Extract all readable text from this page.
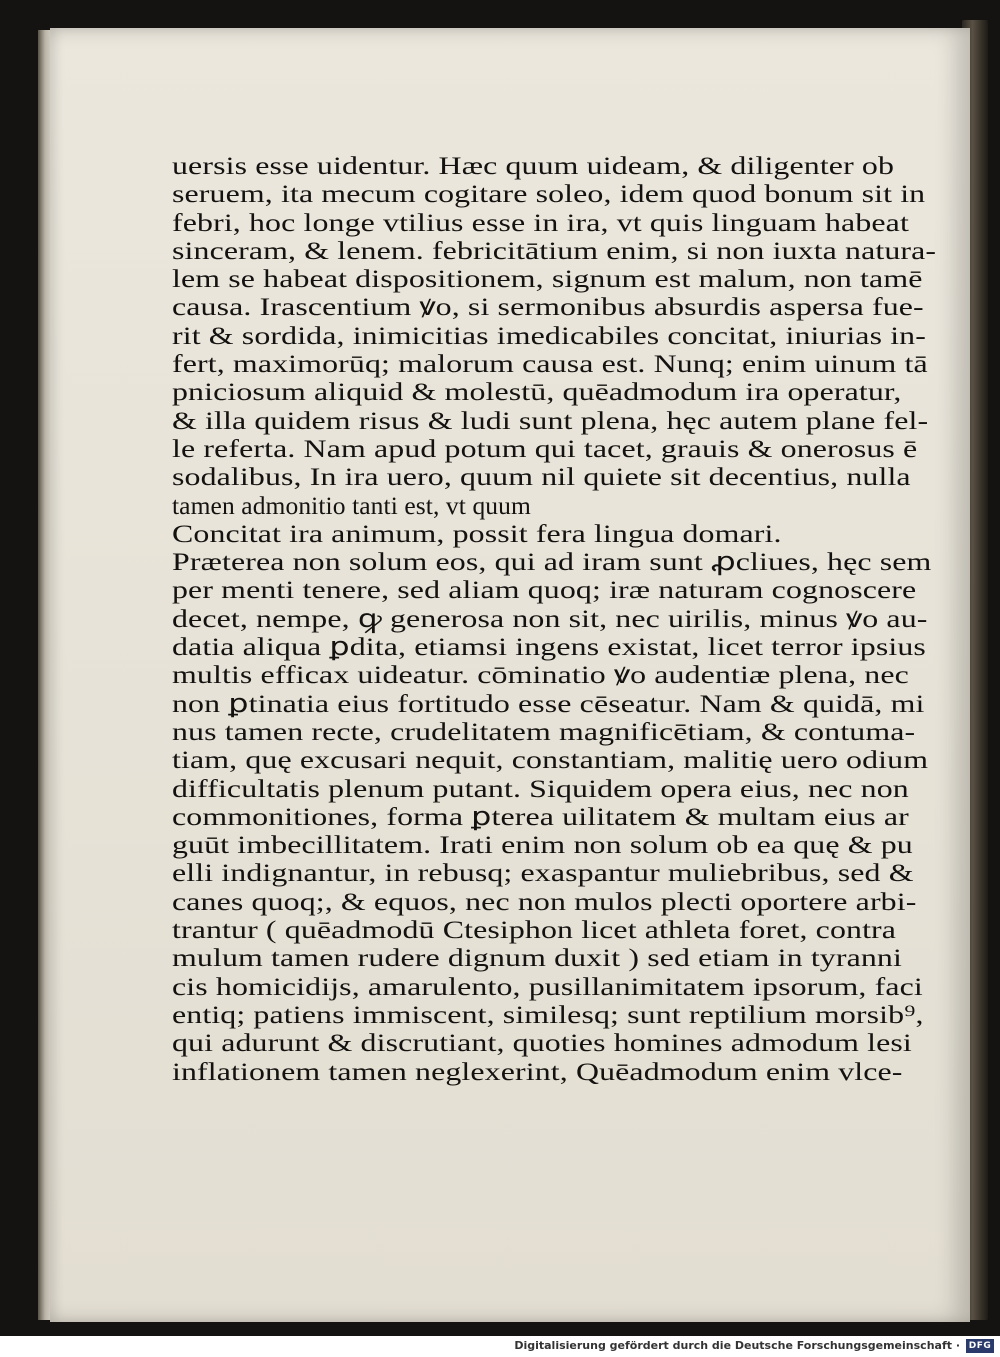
uersis esse uidentur. Hæc quum uideam, & diligenter ob
seruem, ita mecum cogitare soleo, idem quod bonum sit in
febri, hoc longe vtilius esse in ira, vt quis linguam habeat
sinceram, & lenem. febricitātium enim, si non iuxta natura-
lem se habeat dispositionem, signum est malum, non tamē
causa. Irascentium ꝟo, si sermonibus absurdis aspersa fue-
rit & sordida, inimicitias imedicabiles concitat, iniurias in-
fert, maximorūq; malorum causa est. Nunq; enim uinum tā
pniciosum aliquid & molestū, quēadmodum ira operatur,
& illa quidem risus & ludi sunt plena, hęc autem plane fel-
le referta. Nam apud potum qui tacet, grauis & onerosus ē
sodalibus, In ira uero, quum nil quiete sit decentius, nulla
tamen admonitio tanti est, vt quum
Concitat ira animum, possit fera lingua domari.
Præterea non solum eos, qui ad iram sunt ꝓcliues, hęc sem
per menti tenere, sed aliam quoq; iræ naturam cognoscere
decet, nempe, ꝙ generosa non sit, nec uirilis, minus ꝟo au-
datia aliqua ꝑdita, etiamsi ingens existat, licet terror ipsius
multis efficax uideatur. cōminatio ꝟo audentiæ plena, nec
non ꝑtinatia eius fortitudo esse cēseatur. Nam & quidā, mi
nus tamen recte, crudelitatem magnificētiam, & contuma-
tiam, quę excusari nequit, constantiam, malitię uero odium
difficultatis plenum putant. Siquidem opera eius, nec non
commonitiones, forma ꝑterea uilitatem & multam eius ar
guūt imbecillitatem. Irati enim non solum ob ea quę & pu
elli indignantur, in rebusq; exaspantur muliebribus, sed &
canes quoq;, & equos, nec non mulos plecti oportere arbi-
trantur ( quēadmodū Ctesiphon licet athleta foret, contra
mulum tamen rudere dignum duxit ) sed etiam in tyranni
cis homicidijs, amarulento, pusillanimitatem ipsorum, faci
entiq; patiens immiscent, similesq; sunt reptilium morsib⁹,
qui adurunt & discrutiant, quoties homines admodum lesi
inflationem tamen neglexerint, Quēadmodum enim vlce-
Digitalisierung gefördert durch die Deutsche Forschungsgemeinschaft · DFG
